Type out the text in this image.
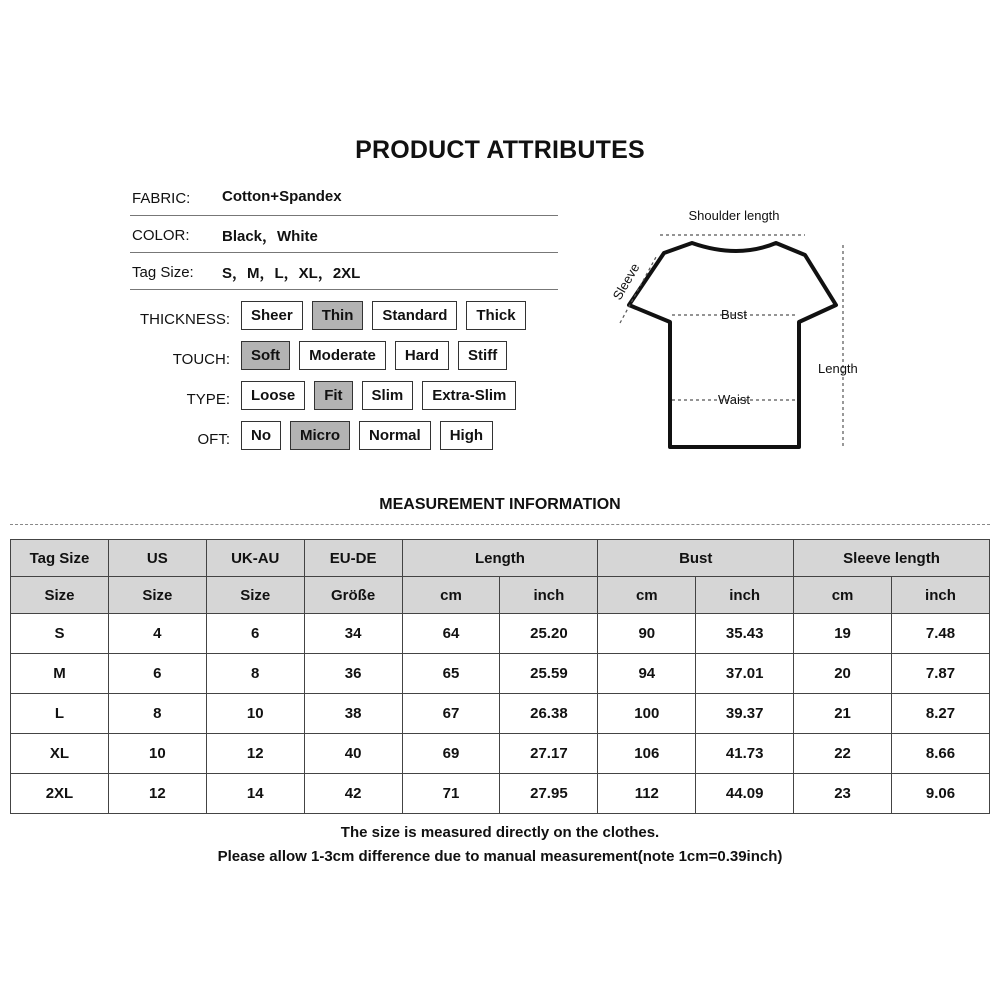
PRODUCT ATTRIBUTES
FABRIC: Cotton+Spandex
COLOR: Black，White
Tag Size: S，M，L，XL，2XL
THICKNESS:	Sheer	Thin	Standard	Thick
TOUCH:	Soft	Moderate	Hard	Stiff
TYPE:	Loose	Fit	Slim	Extra-Slim
OFT:	No	Micro	Normal	High
Shoulder length
Bust
Waist
Length
Sleeve
MEASUREMENT INFORMATION
Tag Size	US	UK-AU	EU-DE	Length		Bust		Sleeve length	
Size	Size	Size	Größe	cm	inch	cm	inch	cm	inch
S	4	6	34	64	25.20	90	35.43	19	7.48
M	6	8	36	65	25.59	94	37.01	20	7.87
L	8	10	38	67	26.38	100	39.37	21	8.27
XL	10	12	40	69	27.17	106	41.73	22	8.66
2XL	12	14	42	71	27.95	112	44.09	23	9.06
The size is measured directly on the clothes.
Please allow 1-3cm difference due to manual measurement(note 1cm=0.39inch)
